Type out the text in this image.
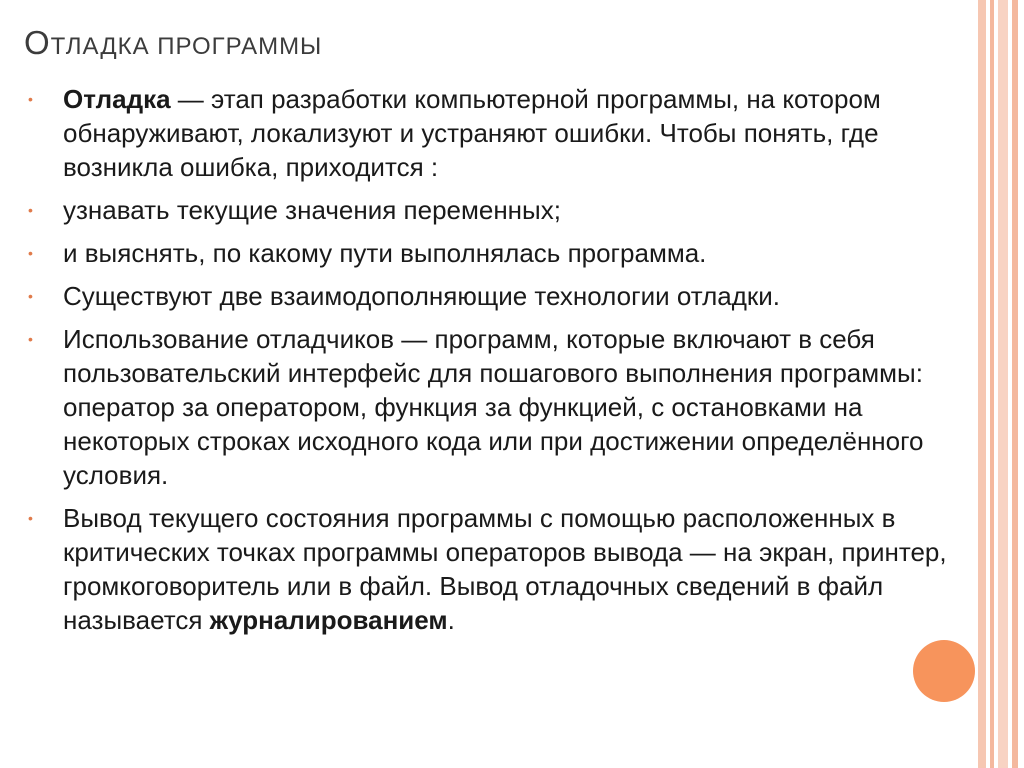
ОТЛАДКА ПРОГРАММЫ
•	Отладка — этап разработки компьютерной программы, на котором обнаруживают, локализуют и устраняют ошибки. Чтобы понять, где возникла ошибка, приходится :
•	узнавать текущие значения переменных;
•	и выяснять, по какому пути выполнялась программа.
•	Существуют две взаимодополняющие технологии отладки.
•	Использование отладчиков — программ, которые включают в себя пользовательский интерфейс для пошагового выполнения программы: оператор за оператором, функция за функцией, с остановками на некоторых строках исходного кода или при достижении определённого условия.
•	Вывод текущего состояния программы с помощью расположенных в критических точках программы операторов вывода — на экран, принтер, громкоговоритель или в файл. Вывод отладочных сведений в файл называется журналированием.
